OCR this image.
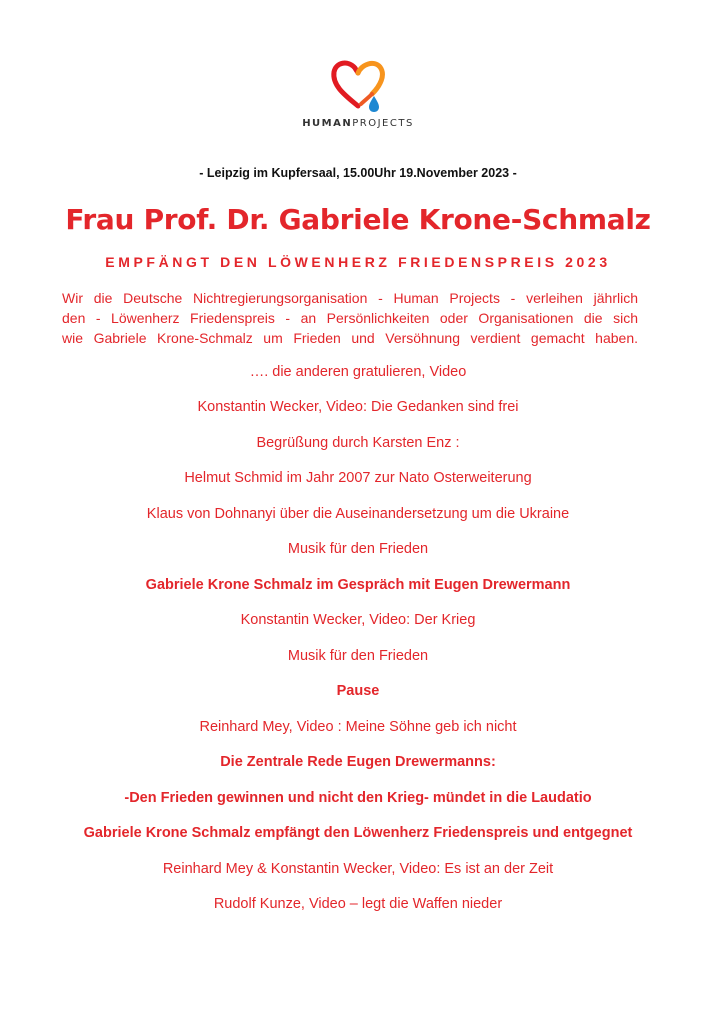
HUMANPROJECTS
- Leipzig im Kupfersaal, 15.00Uhr 19.November 2023 -
Frau Prof. Dr. Gabriele Krone-Schmalz
EMPFÄNGT DEN LÖWENHERZ FRIEDENSPREIS 2023
Wir die Deutsche Nichtregierungsorganisation - Human Projects - verleihen jährlich
den - Löwenherz Friedenspreis - an Persönlichkeiten oder Organisationen die sich
wie Gabriele Krone-Schmalz um Frieden und Versöhnung verdient gemacht haben.
…. die anderen gratulieren, Video
Konstantin Wecker, Video: Die Gedanken sind frei
Begrüßung durch Karsten Enz :
Helmut Schmid im Jahr 2007 zur Nato Osterweiterung
Klaus von Dohnanyi über die Auseinandersetzung um die Ukraine
Musik für den Frieden
Gabriele Krone Schmalz im Gespräch mit Eugen Drewermann
Konstantin Wecker, Video: Der Krieg
Musik für den Frieden
Pause
Reinhard Mey, Video : Meine Söhne geb ich nicht
Die Zentrale Rede Eugen Drewermanns:
-Den Frieden gewinnen und nicht den Krieg- mündet in die Laudatio
Gabriele Krone Schmalz empfängt den Löwenherz Friedenspreis und entgegnet
Reinhard Mey & Konstantin Wecker, Video: Es ist an der Zeit
Rudolf Kunze, Video – legt die Waffen nieder
